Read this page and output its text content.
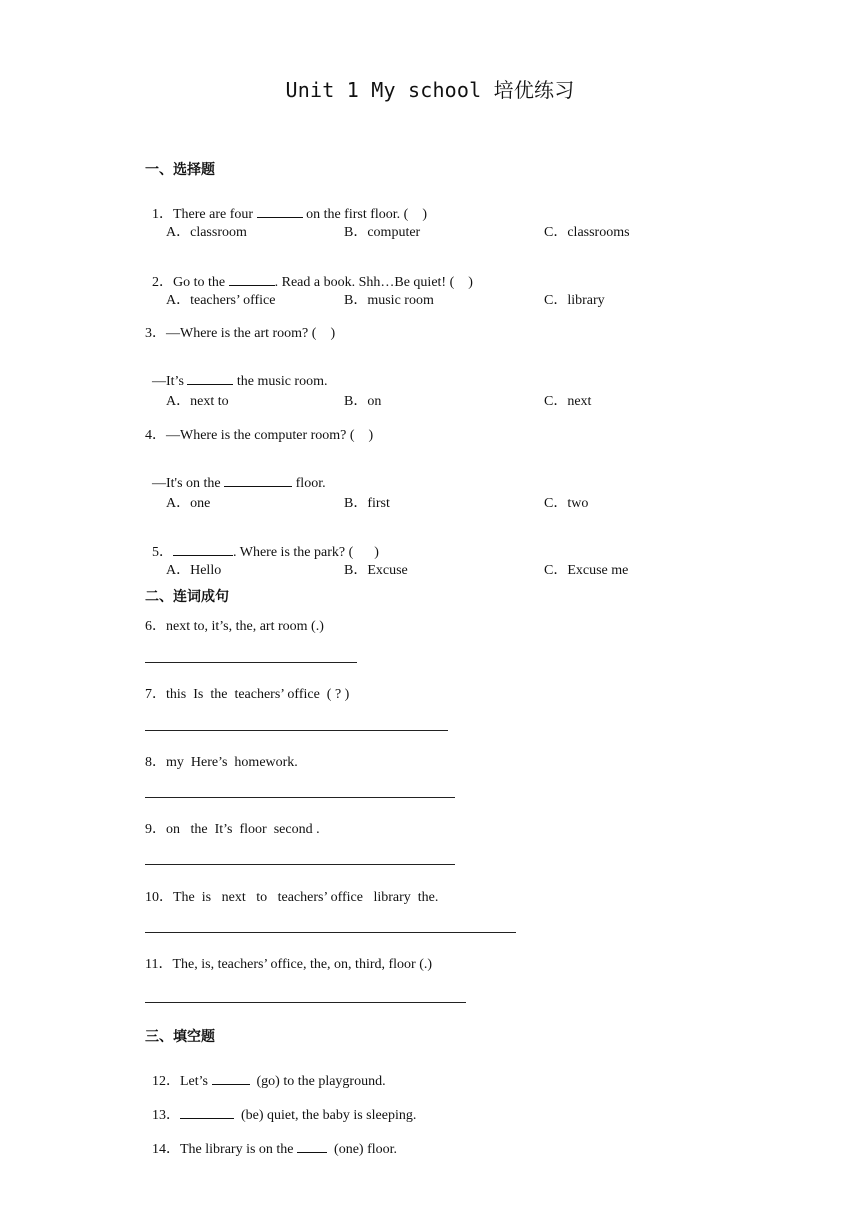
Unit 1 My school 培优练习
一、选择题

1．There are four	on the first floor. (    )

A．classroom	B．computer	C．classrooms

2．Go to the	. Read a book. Shh…Be quiet! (    )

A．teachers’ office	B．music room	C．library
3．—Where is the art room? (    )

—It’s	the music room.

A．next to	B．on	C．next
4．—Where is the computer room? (    )

—It's on the	floor.

A．one	B．first	C．two

5．	. Where is the park? (      )

A．Hello	B．Excuse	C．Excuse me
二、连词成句
6．next to, it’s, the, art room (.)
7．this  Is  the  teachers’ office  ( ? )
8．my  Here’s  homework.
9．on   the  It’s  floor  second .
10．The  is   next   to   teachers’ office   library  the.
11．The, is, teachers’ office, the, on, third, floor (.)
三、填空题

12．Let’s	(go) to the playground.

13．	(be) quiet, the baby is sleeping.

14．The library is on the   (one) floor.
